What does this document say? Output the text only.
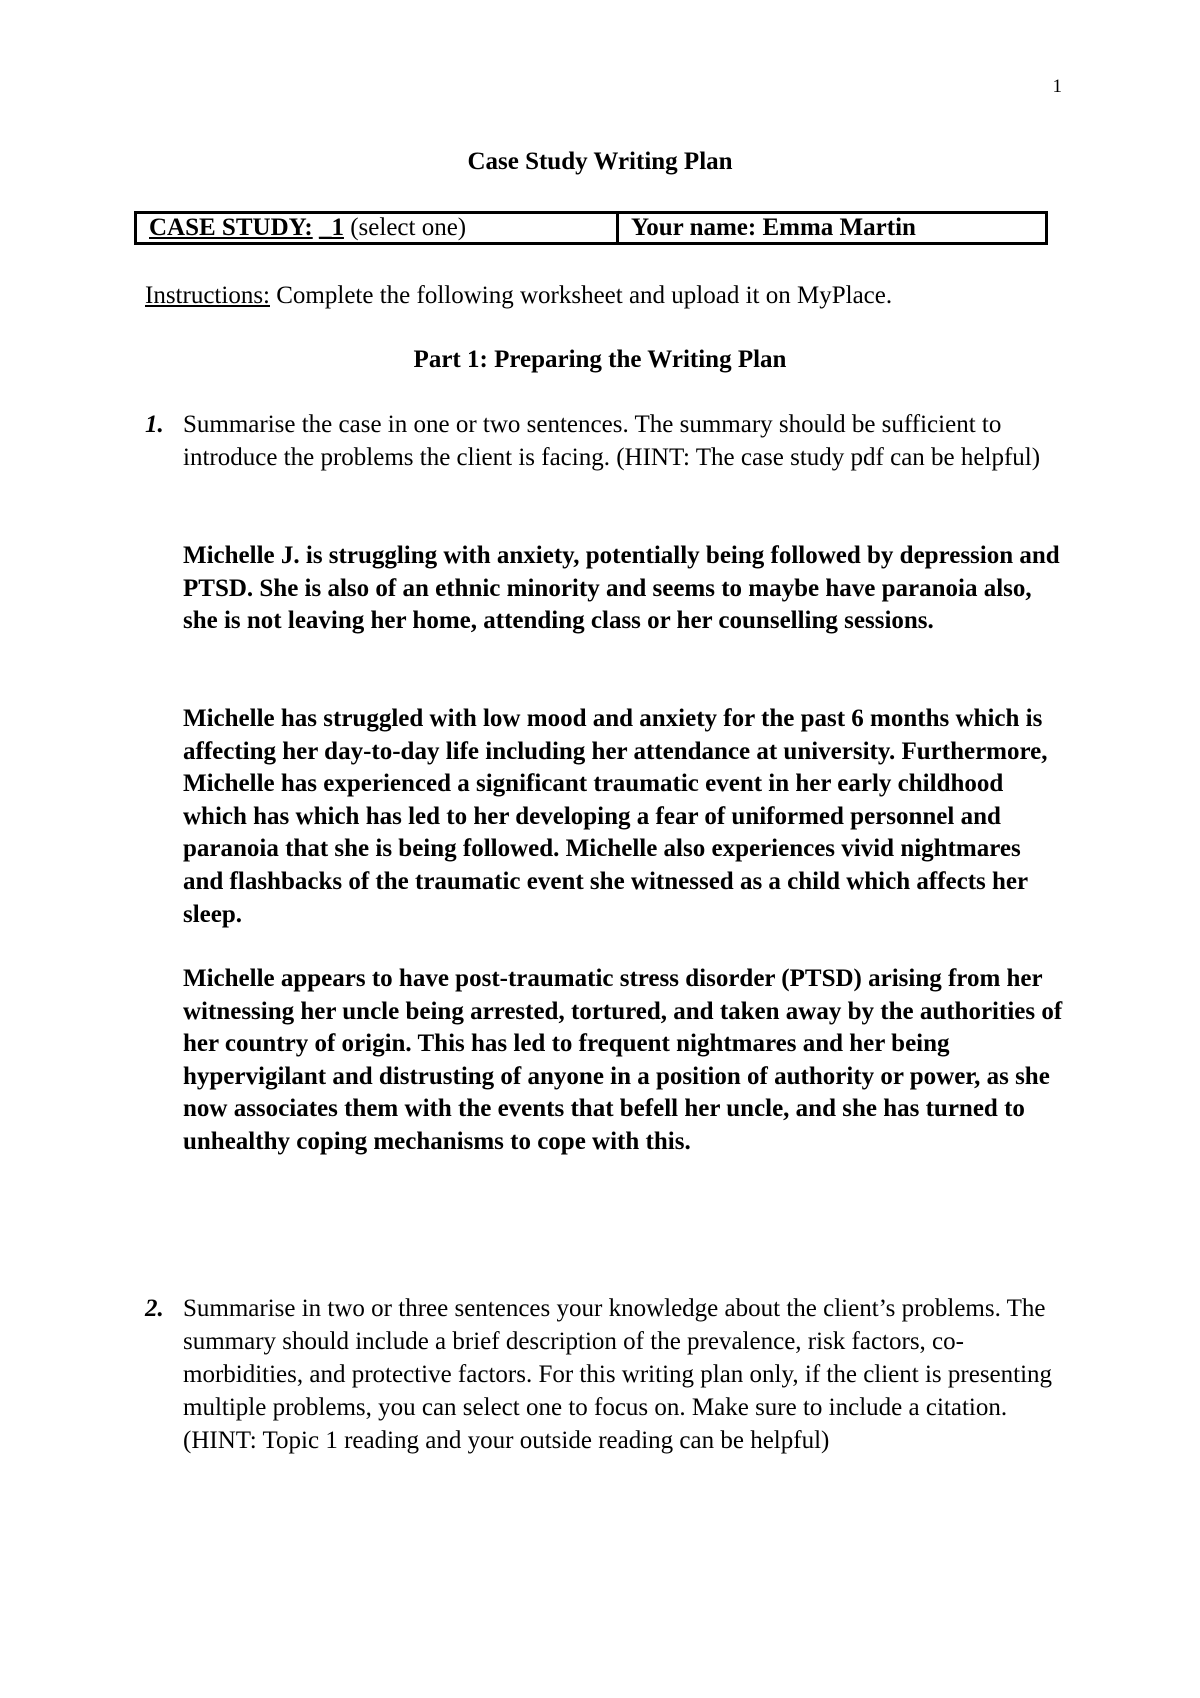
1
Case Study Writing Plan
CASE STUDY: _1 (select one)	Your name: Emma Martin
Instructions: Complete the following worksheet and upload it on MyPlace.
Part 1: Preparing the Writing Plan
1. Summarise the case in one or two sentences. The summary should be sufficient to introduce the problems the client is facing. (HINT: The case study pdf can be helpful)
Michelle J. is struggling with anxiety, potentially being followed by depression and PTSD. She is also of an ethnic minority and seems to maybe have paranoia also, she is not leaving her home, attending class or her counselling sessions.
Michelle has struggled with low mood and anxiety for the past 6 months which is affecting her day-to-day life including her attendance at university. Furthermore, Michelle has experienced a significant traumatic event in her early childhood which has which has led to her developing a fear of uniformed personnel and paranoia that she is being followed. Michelle also experiences vivid nightmares and flashbacks of the traumatic event she witnessed as a child which affects her sleep.
Michelle appears to have post-traumatic stress disorder (PTSD) arising from her witnessing her uncle being arrested, tortured, and taken away by the authorities of her country of origin. This has led to frequent nightmares and her being hypervigilant and distrusting of anyone in a position of authority or power, as she now associates them with the events that befell her uncle, and she has turned to unhealthy coping mechanisms to cope with this.
2. Summarise in two or three sentences your knowledge about the client’s problems. The summary should include a brief description of the prevalence, risk factors, co-morbidities, and protective factors. For this writing plan only, if the client is presenting multiple problems, you can select one to focus on. Make sure to include a citation. (HINT: Topic 1 reading and your outside reading can be helpful)
